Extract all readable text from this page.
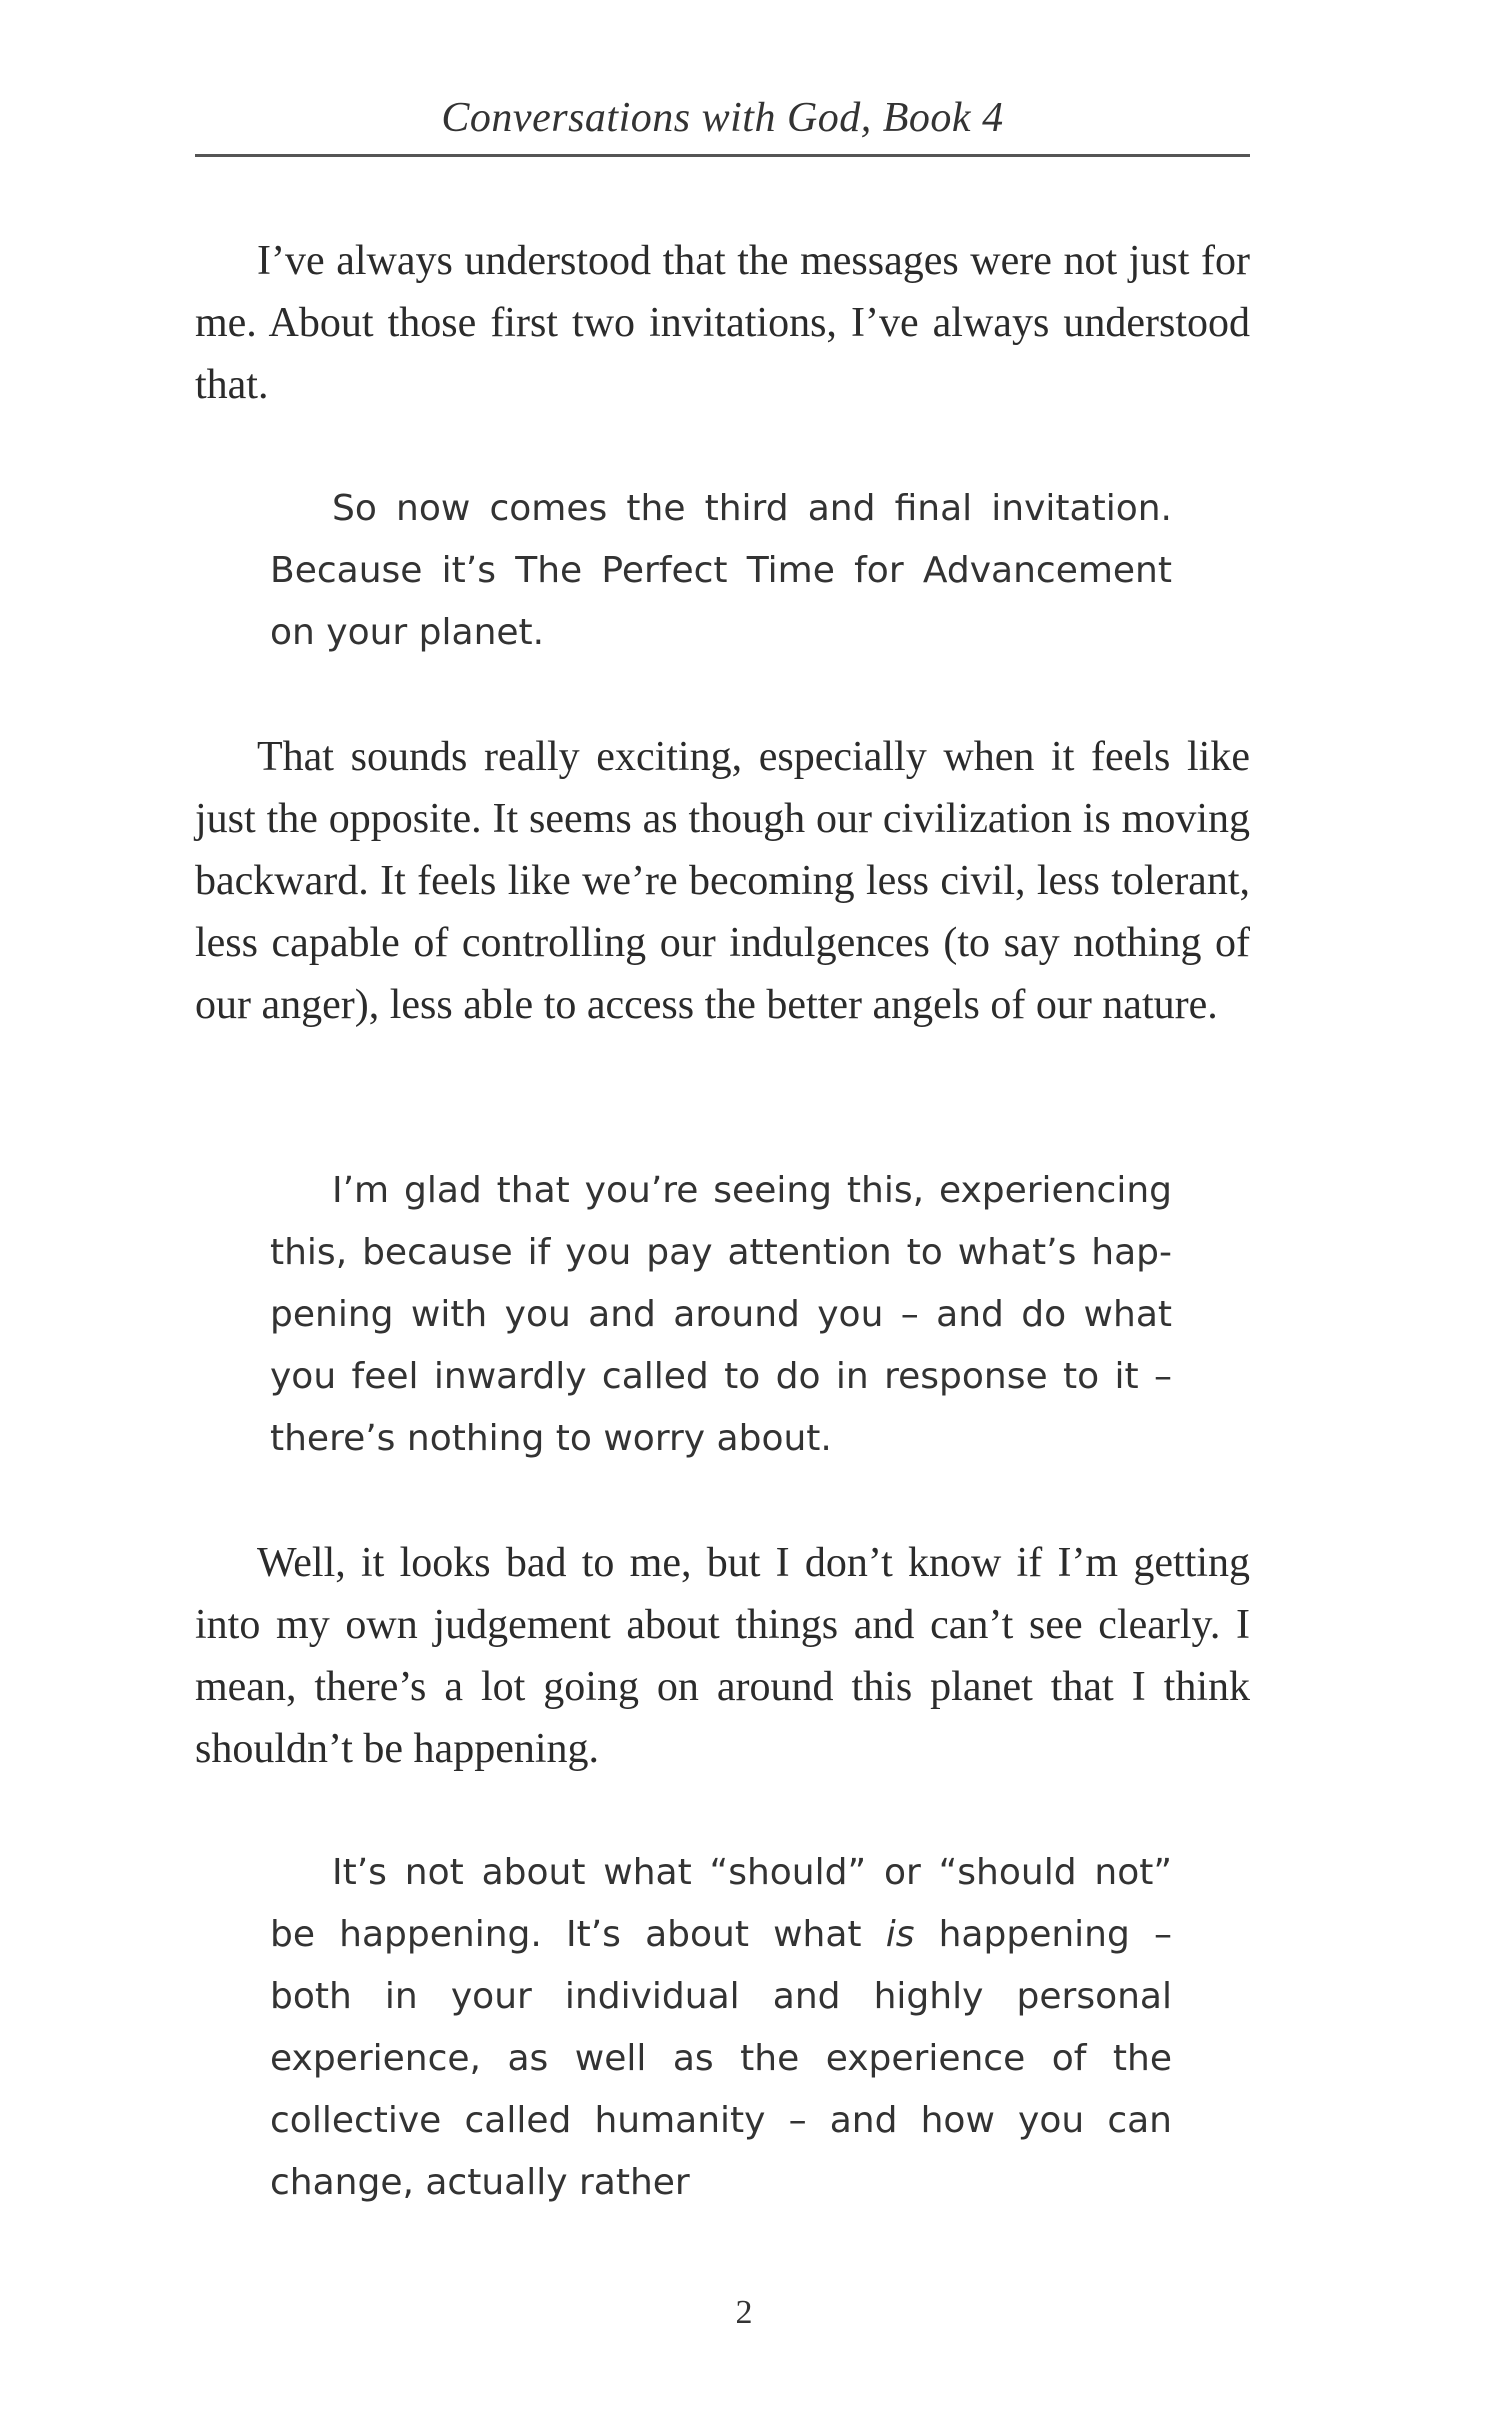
Conversations with God, Book 4

I’ve always understood that the messages were not just for me. About those first two invitations, I’ve always understood that.

So now comes the third and final invitation. Because it’s The Perfect Time for Advancement on your planet.

That sounds really exciting, especially when it feels like just the opposite. It seems as though our civilization is moving backward. It feels like we’re becoming less civil, less tolerant, less capable of controlling our indulgences (to say nothing of our anger), less able to access the better angels of our nature.

I’m glad that you’re seeing this, experiencing this, because if you pay attention to what’s happening with you and around you – and do what you feel inwardly called to do in response to it – there’s nothing to worry about.

Well, it looks bad to me, but I don’t know if I’m getting into my own judgement about things and can’t see clearly. I mean, there’s a lot going on around this planet that I think shouldn’t be happening.

It’s not about what “should” or “should not” be happening. It’s about what is happening – both in your individual and highly personal experience, as well as the experience of the collective called humanity – and how you can change, actually rather

2
